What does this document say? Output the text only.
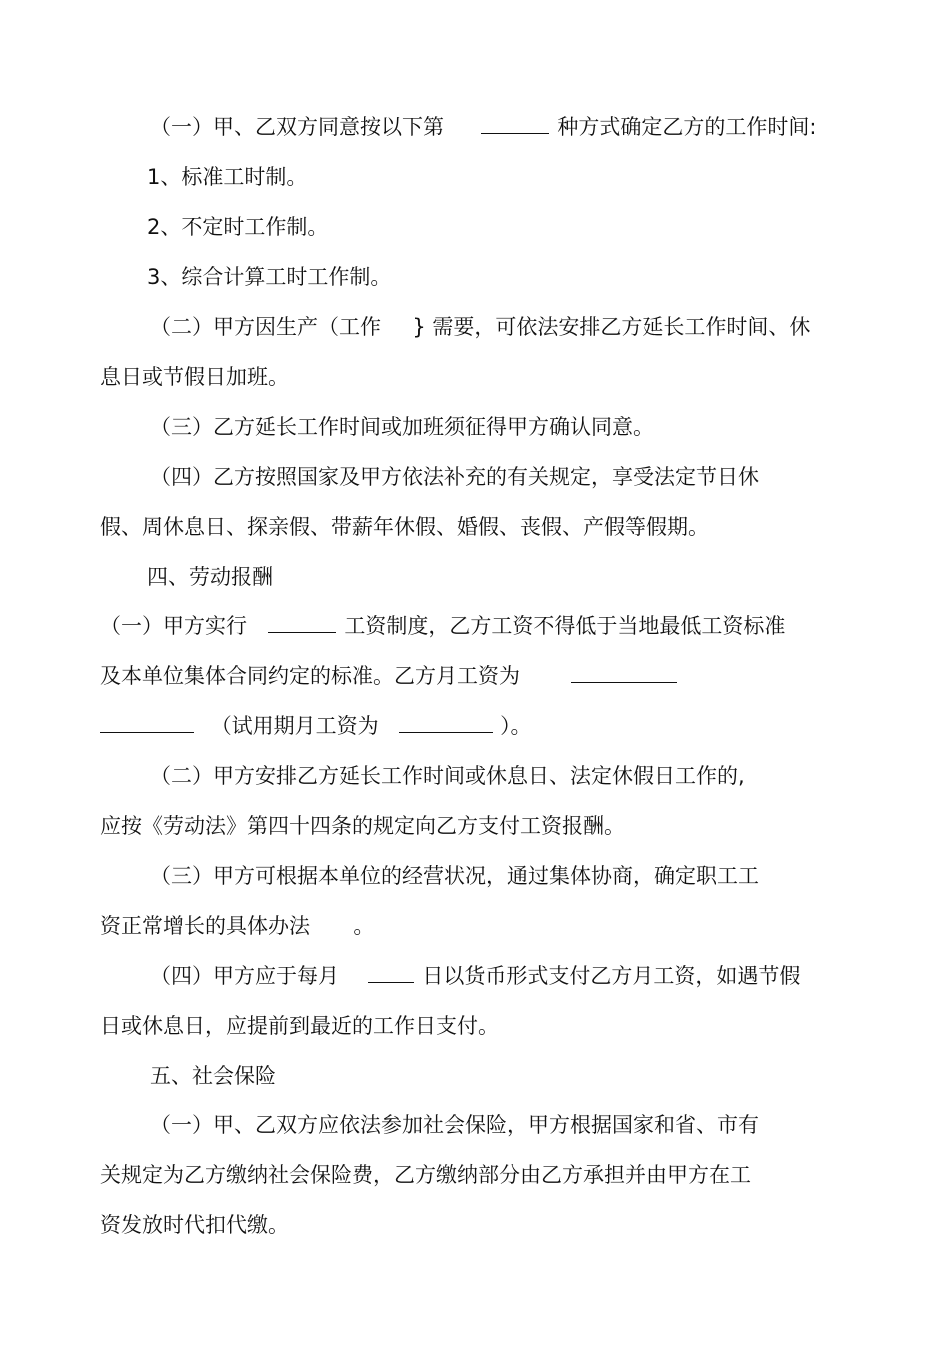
（一）甲、乙双方同意按以下第	种方式确定乙方的工作时间:
1、标准工时制。
2、不定时工作制。
3、综合计算工时工作制。
（二）甲方因生产（工作 } 需要，可依法安排乙方延长工作时间、休
息日或节假日加班。
（三）乙方延长工作时间或加班须征得甲方确认同意。
（四）乙方按照国家及甲方依法补充的有关规定，享受法定节日休
假、周休息日、探亲假、带薪年休假、婚假、丧假、产假等假期。
四、劳动报酬
（一）甲方实行	工资制度，乙方工资不得低于当地最低工资标准
及本单位集体合同约定的标准。乙方月工资为
（试用期月工资为	）。
（二）甲方安排乙方延长工作时间或休息日、法定休假日工作的,
应按《劳动法》第四十四条的规定向乙方支付工资报酬。
（三）甲方可根据本单位的经营状况，通过集体协商，确定职工工
资正常增长的具体办法 。
（四）甲方应于每月	日以货币形式支付乙方月工资，如遇节假
日或休息日，应提前到最近的工作日支付。
五、社会保险
（一）甲、乙双方应依法参加社会保险，甲方根据国家和省、市有
关规定为乙方缴纳社会保险费，乙方缴纳部分由乙方承担并由甲方在工
资发放时代扣代缴。
